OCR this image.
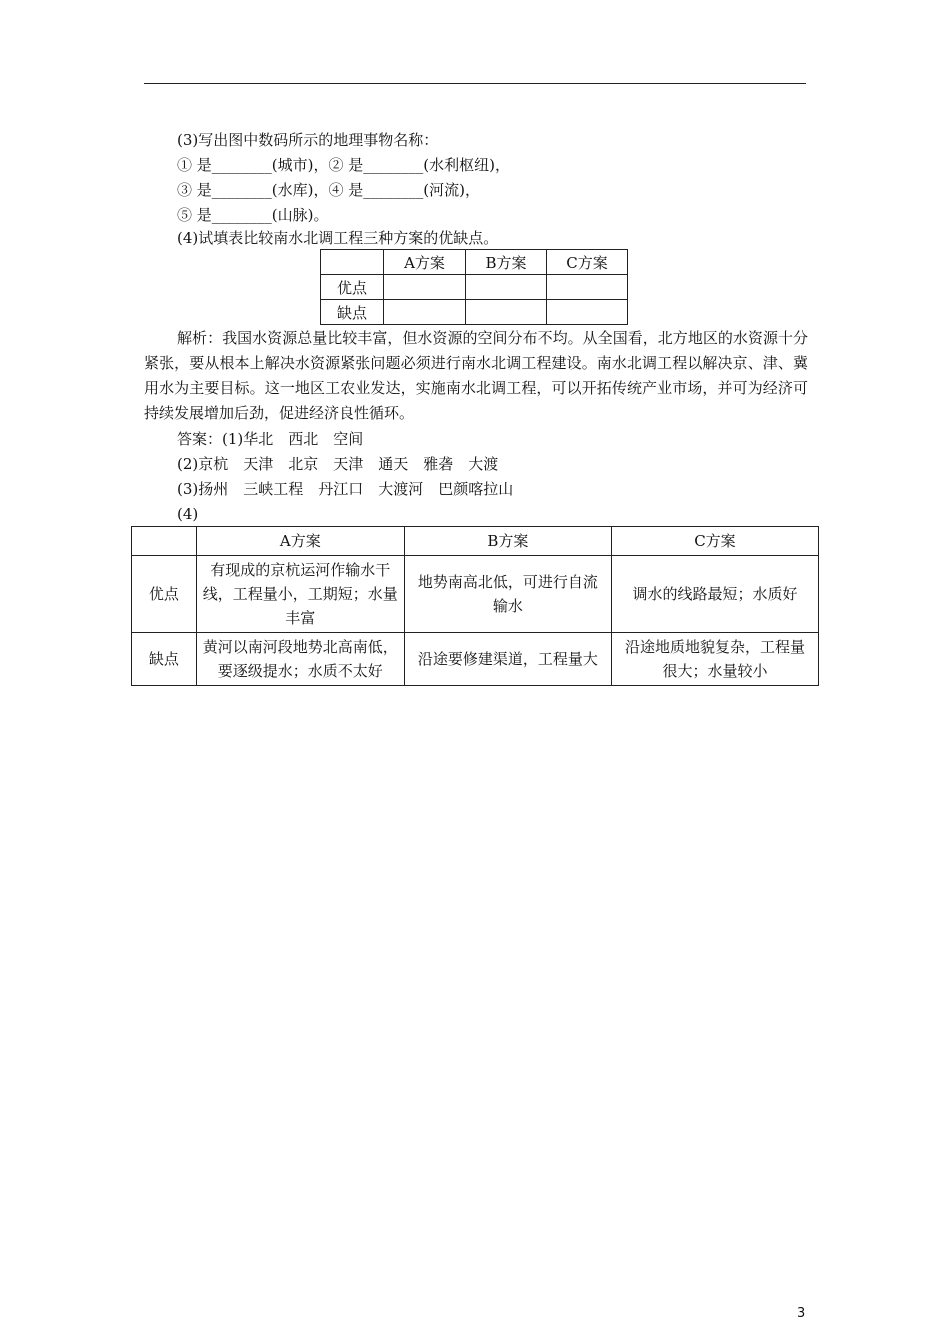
(3)写出图中数码所示的地理事物名称：
① 是________(城市)，② 是________(水利枢纽)，
③ 是________(水库)，④ 是________(河流)，
⑤ 是________(山脉)。
(4)试填表比较南水北调工程三种方案的优缺点。
	A方案	B方案	C方案
优点			
缺点			
解析：我国水资源总量比较丰富，但水资源的空间分布不均。从全国看，北方地区的水资源十分紧张，要从根本上解决水资源紧张问题必须进行南水北调工程建设。南水北调工程以解决京、津、冀用水为主要目标。这一地区工农业发达，实施南水北调工程，可以开拓传统产业市场，并可为经济可持续发展增加后劲，促进经济良性循环。
答案：(1)华北　西北　空间
(2)京杭　天津　北京　天津　通天　雅砻　大渡
(3)扬州　三峡工程　丹江口　大渡河　巴颜喀拉山
(4)
	A方案	B方案	C方案
优点	有现成的京杭运河作输水干线，工程量小，工期短；水量丰富	地势南高北低，可进行自流输水	调水的线路最短；水质好
缺点	黄河以南河段地势北高南低，要逐级提水；水质不太好	沿途要修建渠道，工程量大	沿途地质地貌复杂，工程量很大；水量较小
3
